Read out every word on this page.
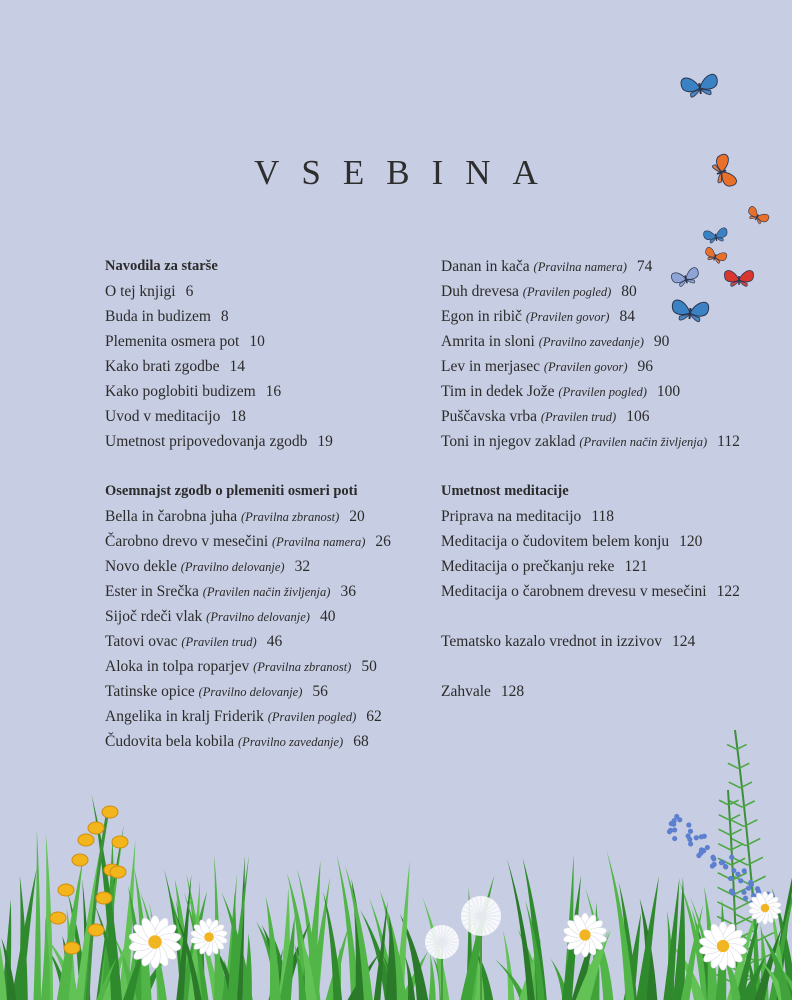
VSEBINA
Navodila za starše
O tej knjigi 6
Buda in budizem 8
Plemenita osmera pot 10
Kako brati zgodbe 14
Kako poglobiti budizem 16
Uvod v meditacijo 18
Umetnost pripovedovanja zgodb 19
Osemnajst zgodb o plemeniti osmeri poti
Bella in čarobna juha (Pravilna zbranost) 20
Čarobno drevo v mesečini (Pravilna namera) 26
Novo dekle (Pravilno delovanje) 32
Ester in Srečka (Pravilen način življenja) 36
Sijoč rdeči vlak (Pravilno delovanje) 40
Tatovi ovac (Pravilen trud) 46
Aloka in tolpa roparjev (Pravilna zbranost) 50
Tatinske opice (Pravilno delovanje) 56
Angelika in kralj Friderik (Pravilen pogled) 62
Čudovita bela kobila (Pravilno zavedanje) 68
Danan in kača (Pravilna namera) 74
Duh drevesa (Pravilen pogled) 80
Egon in ribič (Pravilen govor) 84
Amrita in sloni (Pravilno zavedanje) 90
Lev in merjasec (Pravilen govor) 96
Tim in dedek Jože (Pravilen pogled) 100
Puščavska vrba (Pravilen trud) 106
Toni in njegov zaklad (Pravilen način življenja) 112
Umetnost meditacije
Priprava na meditacijo 118
Meditacija o čudovitem belem konju 120
Meditacija o prečkanju reke 121
Meditacija o čarobnem drevesu v mesečini 122
Tematsko kazalo vrednot in izzivov 124
Zahvale 128
